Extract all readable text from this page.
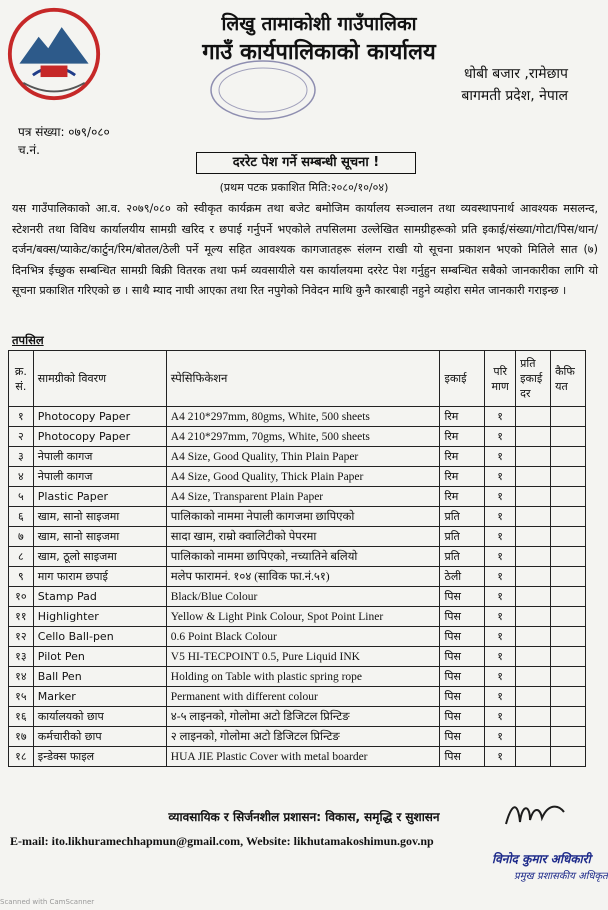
लिखु तामाकोशी गाउँपालिका
गाउँ कार्यपालिकाको कार्यालय
धोबी बजार ,रामेछाप
बागमती प्रदेश, नेपाल
पत्र संख्या: ०७९/०८०
च.नं.
दररेट पेश गर्ने सम्बन्धी सूचना !
(प्रथम पटक प्रकाशित मिति:२०८०/१०/०४)
यस गाउँपालिकाको आ.व. २०७९/०८० को स्वीकृत कार्यक्रम तथा बजेट बमोजिम कार्यालय सञ्चालन तथा व्यवस्थापनार्थ आवश्यक मसलन्द, स्टेशनरी तथा विविध कार्यालयीय सामग्री खरिद र छपाई गर्नुपर्ने भएकोले तपसिलमा उल्लेखित सामग्रीहरूको प्रति इकाई/संख्या/गोटा/पिस/थान/दर्जन/बक्स/प्याकेट/कार्टुन/रिम/बोतल/ठेली पर्ने मूल्य सहित आवश्यक कागजातहरू संलग्न राखी यो सूचना प्रकाशन भएको मितिले सात (७) दिनभित्र ईच्छुक सम्बन्धित सामग्री बिक्री वितरक तथा फर्म व्यवसायीले यस कार्यालयमा दररेट पेश गर्नुहुन सम्बन्धित सबैको जानकारीका लागि यो सूचना प्रकाशित गरिएको छ । साथै म्याद नाघी आएका तथा रित नपुगेको निवेदन माथि कुनै कारबाही नहुने व्यहोरा समेत जानकारी गराइन्छ ।
तपसिल
क्र. सं.	सामग्रीको विवरण	स्पेसिफिकेशन	इकाई	परि माण	प्रति इकाई दर	कैफि यत
१	Photocopy Paper	A4 210*297mm, 80gms, White, 500 sheets	रिम	१		
२	Photocopy Paper	A4 210*297mm, 70gms, White, 500 sheets	रिम	१		
३	नेपाली कागज	A4 Size, Good Quality, Thin Plain Paper	रिम	१		
४	नेपाली कागज	A4 Size, Good Quality, Thick Plain Paper	रिम	१		
५	Plastic Paper	A4 Size, Transparent Plain Paper	रिम	१		
६	खाम, सानो साइजमा	पालिकाको नाममा नेपाली कागजमा छापिएको	प्रति	१		
७	खाम, सानो साइजमा	सादा खाम, राम्रो क्वालिटीको पेपरमा	प्रति	१		
८	खाम, ठूलो साइजमा	पालिकाको नाममा छापिएको, नच्यातिने बलियो	प्रति	१		
९	माग फाराम छपाई	मलेप फारामनं. १०४ (साविक फा.नं.५१)	ठेली	१		
१०	Stamp Pad	Black/Blue Colour	पिस	१		
११	Highlighter	Yellow & Light Pink Colour, Spot Point Liner	पिस	१		
१२	Cello Ball-pen	0.6 Point Black Colour	पिस	१		
१३	Pilot Pen	V5 HI-TECPOINT 0.5, Pure Liquid INK	पिस	१		
१४	Ball Pen	Holding on Table with plastic spring rope	पिस	१		
१५	Marker	Permanent with different colour	पिस	१		
१६	कार्यालयको छाप	४-५ लाइनको, गोलोमा अटो डिजिटल प्रिन्टिङ	पिस	१		
१७	कर्मचारीको छाप	२ लाइनको, गोलोमा अटो डिजिटल प्रिन्टिङ	पिस	१		
१८	इन्डेक्स फाइल	HUA JIE Plastic Cover with metal boarder	पिस	१		
व्यावसायिक र सिर्जनशील प्रशासन: विकास, समृद्धि र सुशासन
E-mail: ito.likhuramechhapmun@gmail.com, Website: likhutamakoshimun.gov.np
विनोद कुमार अधिकारी
प्रमुख प्रशासकीय अधिकृत
Scanned with CamScanner
